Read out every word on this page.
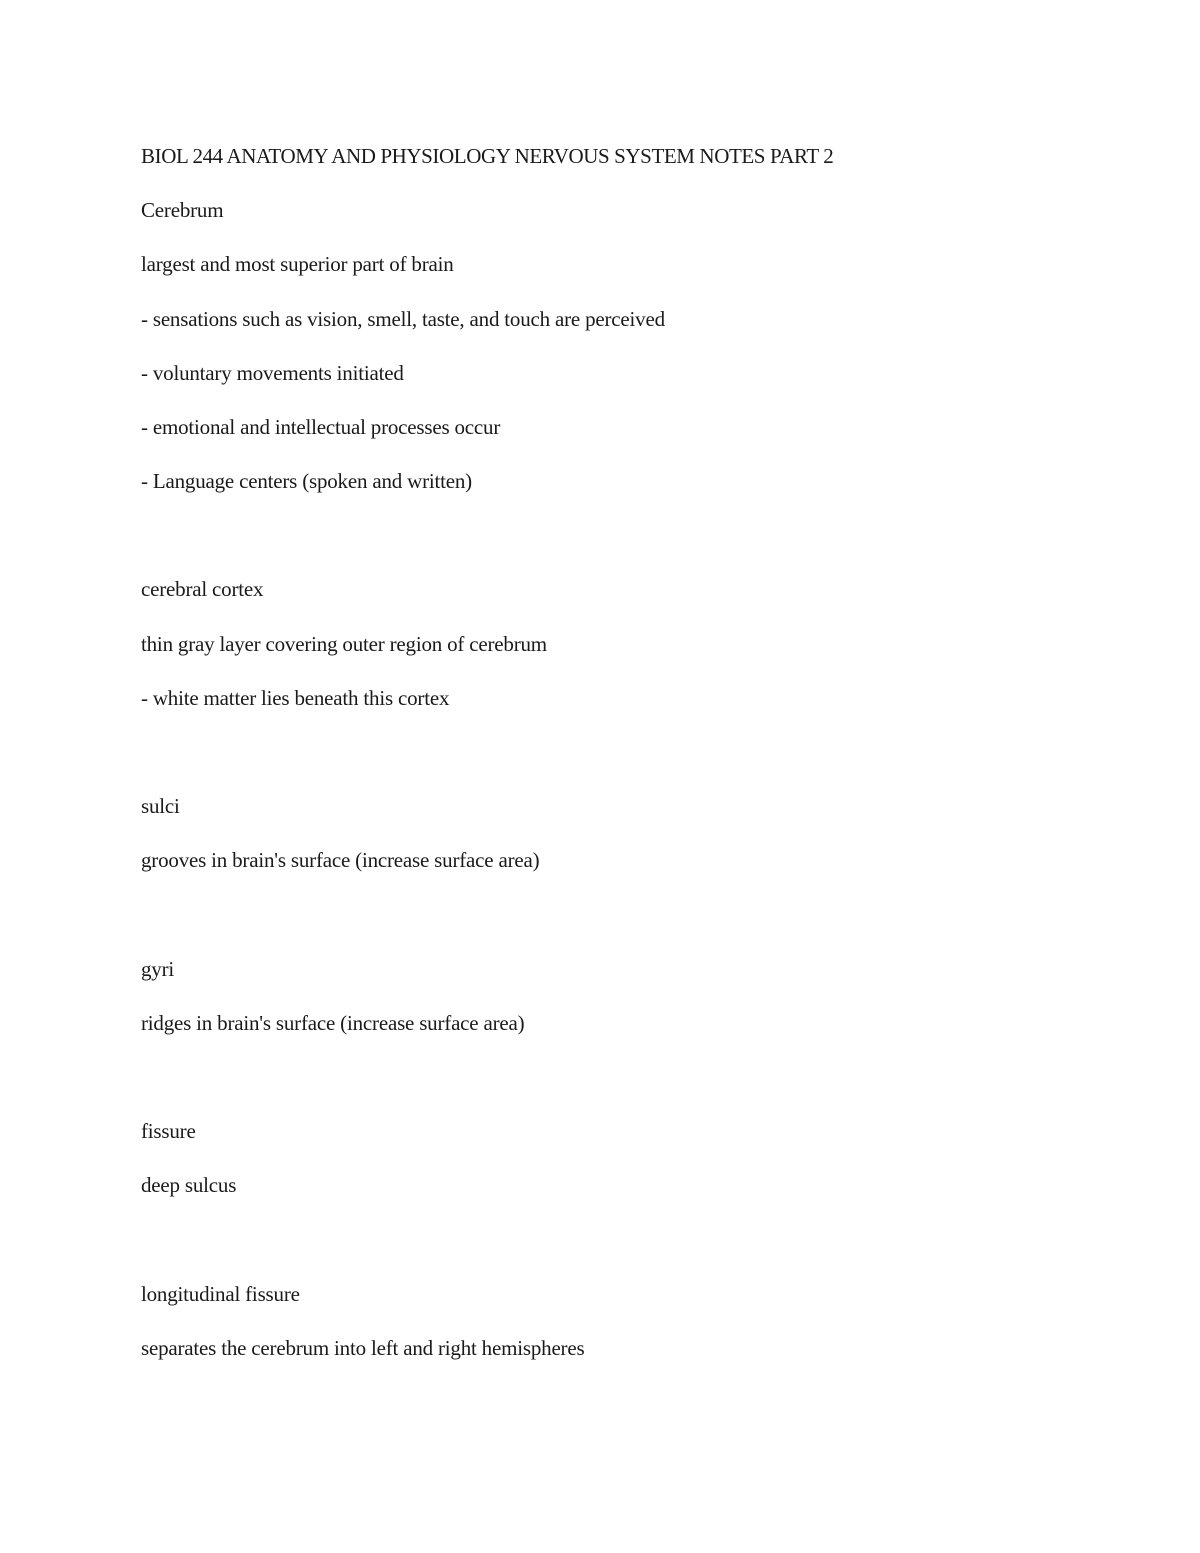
BIOL 244 ANATOMY AND PHYSIOLOGY NERVOUS SYSTEM NOTES PART 2
Cerebrum
largest and most superior part of brain
- sensations such as vision, smell, taste, and touch are perceived
- voluntary movements initiated
- emotional and intellectual processes occur
- Language centers (spoken and written)
cerebral cortex
thin gray layer covering outer region of cerebrum
- white matter lies beneath this cortex
sulci
grooves in brain's surface (increase surface area)
gyri
ridges in brain's surface (increase surface area)
fissure
deep sulcus
longitudinal fissure
separates the cerebrum into left and right hemispheres
